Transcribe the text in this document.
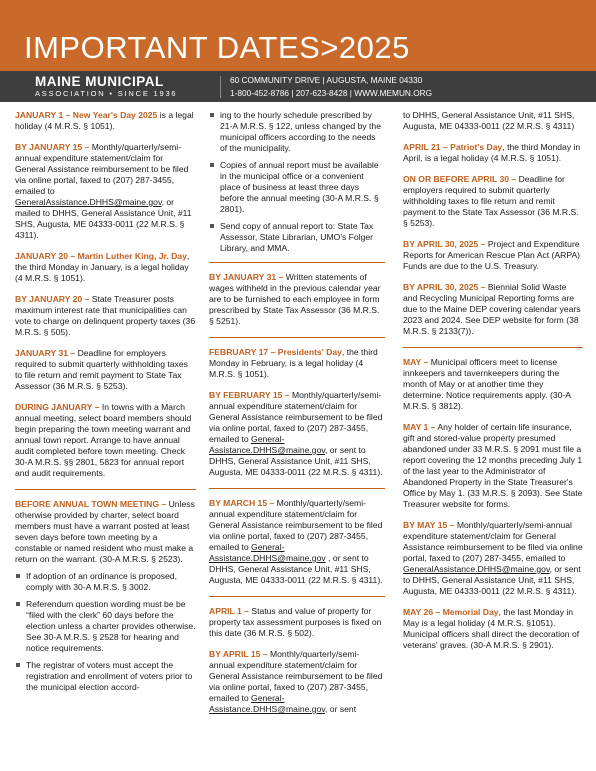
IMPORTANT DATES>2025
MAINE MUNICIPAL
ASSOCIATION • SINCE 1936
60 COMMUNITY DRIVE | AUGUSTA, MAINE 04330
1-800-452-8786 | 207-623-8428 | WWW.MEMUN.ORG
JANUARY 1 – New Year's Day 2025 is a legal holiday (4 M.R.S. § 1051).
BY JANUARY 15 – Monthly/quarterly/semi-annual expenditure statement/claim for General Assistance reimbursement to be filed via online portal, faxed to (207) 287-3455, emailed to GeneralAssistance.DHHS@maine.gov, or mailed to DHHS, General Assistance Unit, #11 SHS, Augusta, ME 04333-0011 (22 M.R.S. § 4311).
JANUARY 20 – Martin Luther King, Jr. Day, the third Monday in January, is a legal holiday (4 M.R.S. § 1051).
BY JANUARY 20 – State Treasurer posts maximum interest rate that municipalities can vote to charge on delinquent property taxes (36 M.R.S. § 505).
JANUARY 31 – Deadline for employers required to submit quarterly withholding taxes to file return and remit payment to State Tax Assessor (36 M.R.S. § 5253).
DURING JANUARY – In towns with a March annual meeting, select board members should begin preparing the town meeting warrant and annual town report. Arrange to have annual audit completed before town meeting. Check 30-A M.R.S. §§ 2801, 5823 for annual report and audit requirements.
BEFORE ANNUAL TOWN MEETING – Unless otherwise provided by charter, select board members must have a warrant posted at least seven days before town meeting by a constable or named resident who must make a return on the warrant. (30-A M.R.S. § 2523).
If adoption of an ordinance is proposed, comply with 30-A M.R.S. § 3002.
Referendum question wording must be be “filed with the clerk” 60 days before the election unless a charter provides otherwise. See 30-A M.R.S. § 2528 for hearing and notice requirements.
The registrar of voters must accept the registration and enrollment of voters prior to the municipal election accord-
ing to the hourly schedule prescribed by 21-A M.R.S. § 122, unless changed by the municipal officers according to the needs of the municipality.
Copies of annual report must be available in the municipal office or a convenient place of business at least three days before the annual meeting (30-A M.R.S. § 2801).
Send copy of annual report to: State Tax Assessor, State Librarian, UMO's Folger Library, and MMA.
BY JANUARY 31 – Written statements of wages withheld in the previous calendar year are to be furnished to each employee in form prescribed by State Tax Assessor (36 M.R.S. § 5251).
FEBRUARY 17 – Presidents' Day, the third Monday in February, is a legal holiday (4 M.R.S. § 1051).
BY FEBRUARY 15 – Monthly/quarterly/semi-annual expenditure statement/claim for General Assistance reimbursement to be filed via online portal, faxed to (207) 287-3455, emailed to General-Assistance.DHHS@maine.gov, or sent to DHHS, General Assistance Unit, #11 SHS, Augusta, ME 04333-0011 (22 M.R.S. § 4311).
BY MARCH 15 – Monthly/quarterly/semi-annual expenditure statement/claim for General Assistance reimbursement to be filed via online portal, faxed to (207) 287-3455, emailed to General-Assistance.DHHS@maine.gov , or sent to DHHS, General Assistance Unit, #11 SHS, Augusta, ME 04333-0011 (22 M.R.S. § 4311).
APRIL 1 – Status and value of property for property tax assessment purposes is fixed on this date (36 M.R.S. § 502).
BY APRIL 15 – Monthly/quarterly/semi-annual expenditure statement/claim for General Assistance reimbursement to be filed via online portal, faxed to (207) 287-3455, emailed to General-Assistance.DHHS@maine.gov, or sent
to DHHS, General Assistance Unit, #11 SHS, Augusta, ME 04333-0011 (22 M.R.S. § 4311)
APRIL 21 – Patriot's Day, the third Monday in April, is a legal holiday (4 M.R.S. § 1051).
ON OR BEFORE APRIL 30 – Deadline for employers required to submit quarterly withholding taxes to file return and remit payment to the State Tax Assessor (36 M.R.S. § 5253).
BY APRIL 30, 2025 – Project and Expenditure Reports for American Rescue Plan Act (ARPA) Funds are due to the U.S. Treasury.
BY APRIL 30, 2025 – Biennial Solid Waste and Recycling Municipal Reporting forms are due to the Maine DEP covering calendar years 2023 and 2024. See DEP website for form (38 M.R.S. § 2133(7)).
MAY – Municipal officers meet to license innkeepers and tavernkeepers during the month of May or at another time they determine. Notice requirements apply. (30-A M.R.S. § 3812).
MAY 1 – Any holder of certain life insurance, gift and stored-value property presumed abandoned under 33 M.R.S. § 2091 must file a report covering the 12 months preceding July 1 of the last year to the Administrator of Abandoned Property in the State Treasurer's Office by May 1. (33 M.R.S. § 2093). See State Treasurer website for forms.
BY MAY 15 – Monthly/quarterly/semi-annual expenditure statement/claim for General Assistance reimbursement to be filed via online portal, faxed to (207) 287-3455, emailed to GeneralAssistance.DHHS@maine.gov, or sent to DHHS, General Assistance Unit, #11 SHS, Augusta, ME 04333-0011 (22 M.R.S. § 4311).
MAY 26 – Memorial Day, the last Monday in May is a legal holiday (4 M.R.S. §1051). Municipal officers shall direct the decoration of veterans' graves. (30-A M.R.S. § 2901).
